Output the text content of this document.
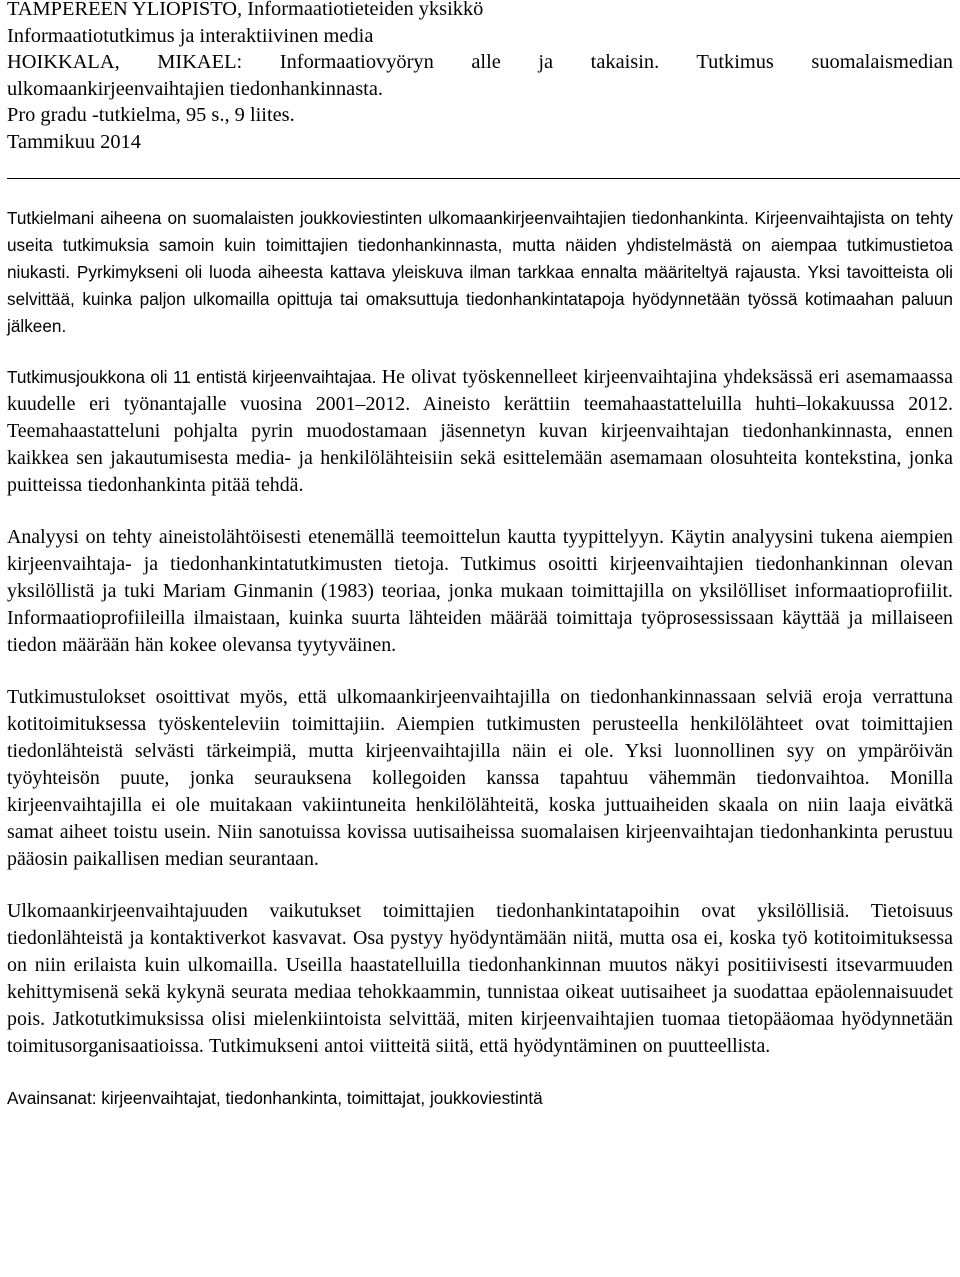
TAMPEREEN YLIOPISTO, Informaatiotieteiden yksikkö
Informaatiotutkimus ja interaktiivinen media
HOIKKALA, MIKAEL: Informaatiovyöryn alle ja takaisin. Tutkimus suomalaismedian
ulkomaankirjeenvaihtajien tiedonhankinnasta.
Pro gradu -tutkielma, 95 s., 9 liites.
Tammikuu 2014

Tutkielmani aiheena on suomalaisten joukkoviestinten ulkomaankirjeenvaihtajien tiedonhankinta. Kirjeenvaihtajista on tehty useita tutkimuksia samoin kuin toimittajien tiedonhankinnasta, mutta näiden yhdistelmästä on aiempaa tutkimustietoa niukasti. Pyrkimykseni oli luoda aiheesta kattava yleiskuva ilman tarkkaa ennalta määriteltyä rajausta. Yksi tavoitteista oli selvittää, kuinka paljon ulkomailla opittuja tai omaksuttuja tiedonhankintatapoja hyödynnetään työssä kotimaahan paluun jälkeen.

Tutkimusjoukkona oli 11 entistä kirjeenvaihtajaa. He olivat työskennelleet kirjeenvaihtajina yhdeksässä eri asemamaassa kuudelle eri työnantajalle vuosina 2001‒2012. Aineisto kerättiin teemahaastatteluilla huhti‒lokakuussa 2012. Teemahaastatteluni pohjalta pyrin muodostamaan jäsennetyn kuvan kirjeenvaihtajan tiedonhankinnasta, ennen kaikkea sen jakautumisesta media- ja henkilölähteisiin sekä esittelemään asemamaan olosuhteita kontekstina, jonka puitteissa tiedonhankinta pitää tehdä.

Analyysi on tehty aineistolähtöisesti etenemällä teemoittelun kautta tyypittelyyn. Käytin analyysini tukena aiempien kirjeenvaihtaja- ja tiedonhankintatutkimusten tietoja. Tutkimus osoitti kirjeenvaihtajien tiedonhankinnan olevan yksilöllistä ja tuki Mariam Ginmanin (1983) teoriaa, jonka mukaan toimittajilla on yksilölliset informaatioprofiilit. Informaatioprofiileilla ilmaistaan, kuinka suurta lähteiden määrää toimittaja työprosessissaan käyttää ja millaiseen tiedon määrään hän kokee olevansa tyytyväinen.

Tutkimustulokset osoittivat myös, että ulkomaankirjeenvaihtajilla on tiedonhankinnassaan selviä eroja verrattuna kotitoimituksessa työskenteleviin toimittajiin. Aiempien tutkimusten perusteella henkilölähteet ovat toimittajien tiedonlähteistä selvästi tärkeimpiä, mutta kirjeenvaihtajilla näin ei ole. Yksi luonnollinen syy on ympäröivän työyhteisön puute, jonka seurauksena kollegoiden kanssa tapahtuu vähemmän tiedonvaihtoa. Monilla kirjeenvaihtajilla ei ole muitakaan vakiintuneita henkilölähteitä, koska juttuaiheiden skaala on niin laaja eivätkä samat aiheet toistu usein. Niin sanotuissa kovissa uutisaiheissa suomalaisen kirjeenvaihtajan tiedonhankinta perustuu pääosin paikallisen median seurantaan.

Ulkomaankirjeenvaihtajuuden vaikutukset toimittajien tiedonhankintatapoihin ovat yksilöllisiä. Tietoisuus tiedonlähteistä ja kontaktiverkot kasvavat. Osa pystyy hyödyntämään niitä, mutta osa ei, koska työ kotitoimituksessa on niin erilaista kuin ulkomailla. Useilla haastatelluilla tiedonhankinnan muutos näkyi positiivisesti itsevarmuuden kehittymisenä sekä kykynä seurata mediaa tehokkaammin, tunnistaa oikeat uutisaiheet ja suodattaa epäolennaisuudet pois. Jatkotutkimuksissa olisi mielenkiintoista selvittää, miten kirjeenvaihtajien tuomaa tietopääomaa hyödynnetään toimitusorganisaatioissa. Tutkimukseni antoi viitteitä siitä, että hyödyntäminen on puutteellista.

Avainsanat: kirjeenvaihtajat, tiedonhankinta, toimittajat, joukkoviestintä
